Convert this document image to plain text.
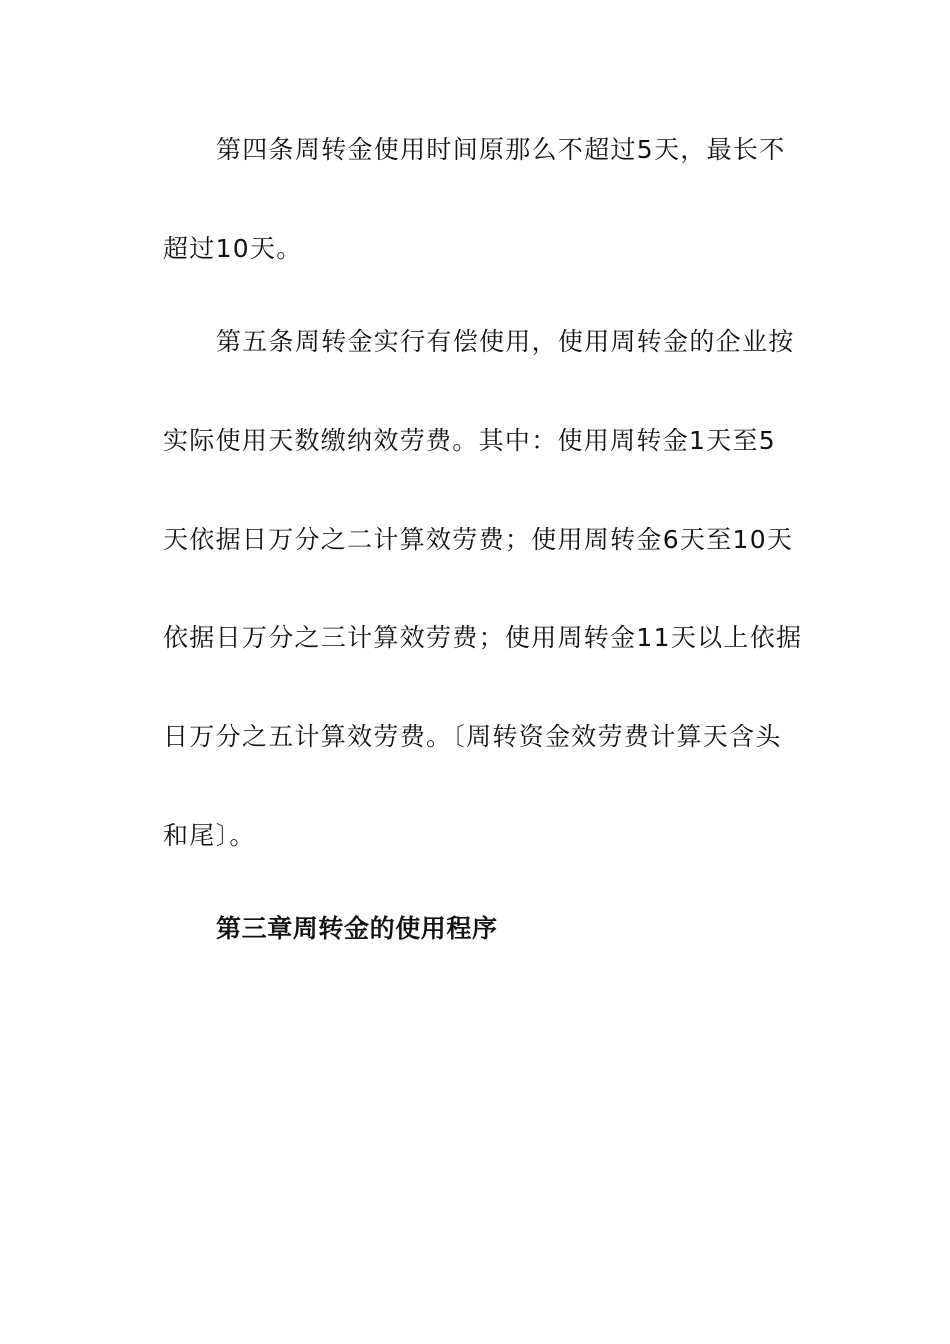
第四条周转金使用时间原那么不超过5天，最长不
超过10天。
第五条周转金实行有偿使用，使用周转金的企业按
实际使用天数缴纳效劳费。其中：使用周转金1天至5
天依据日万分之二计算效劳费；使用周转金6天至10天
依据日万分之三计算效劳费；使用周转金11天以上依据
日万分之五计算效劳费。〔周转资金效劳费计算天含头
和尾〕。
第三章周转金的使用程序
